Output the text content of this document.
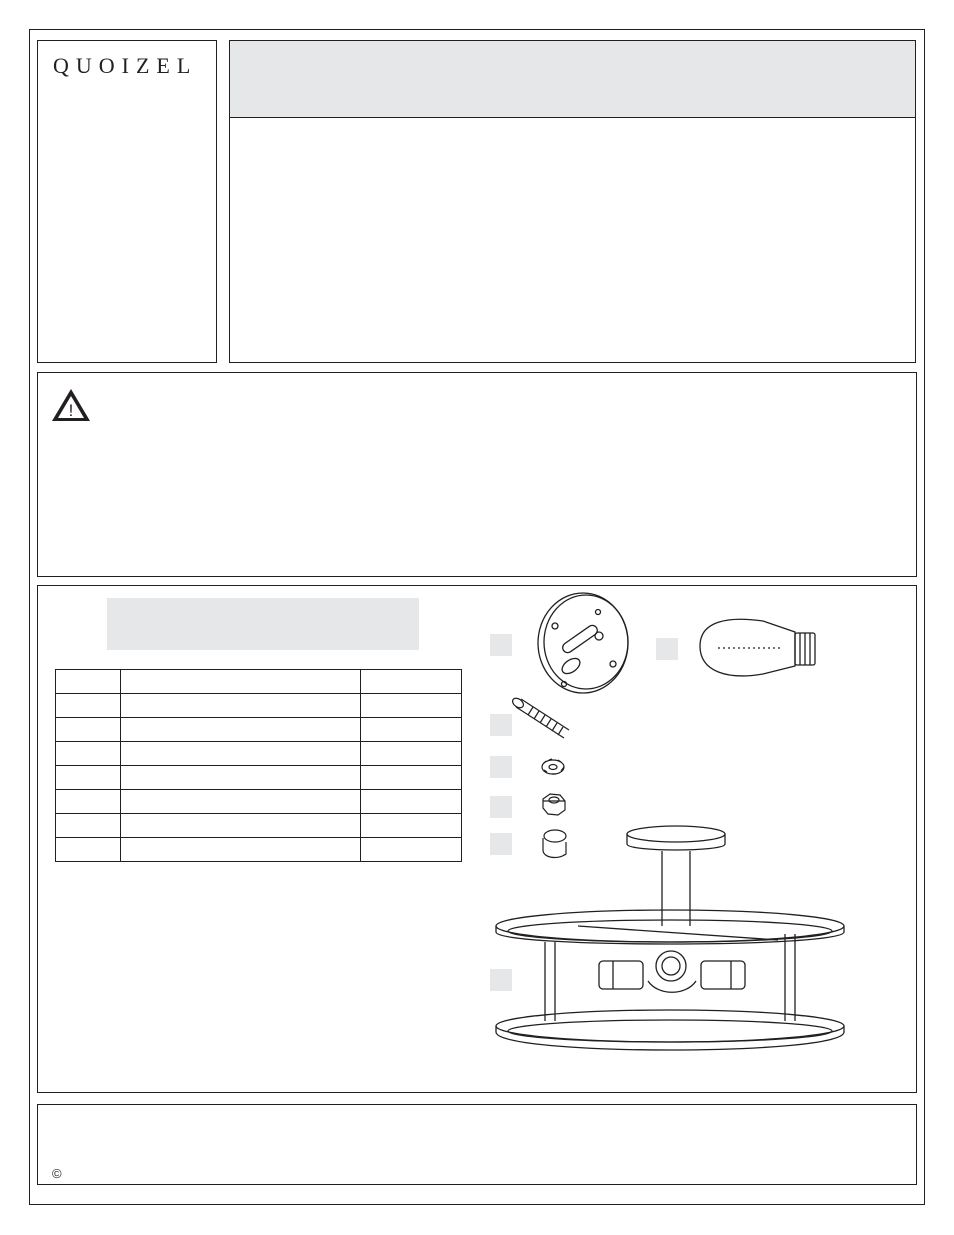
QUOIZEL
!

©
